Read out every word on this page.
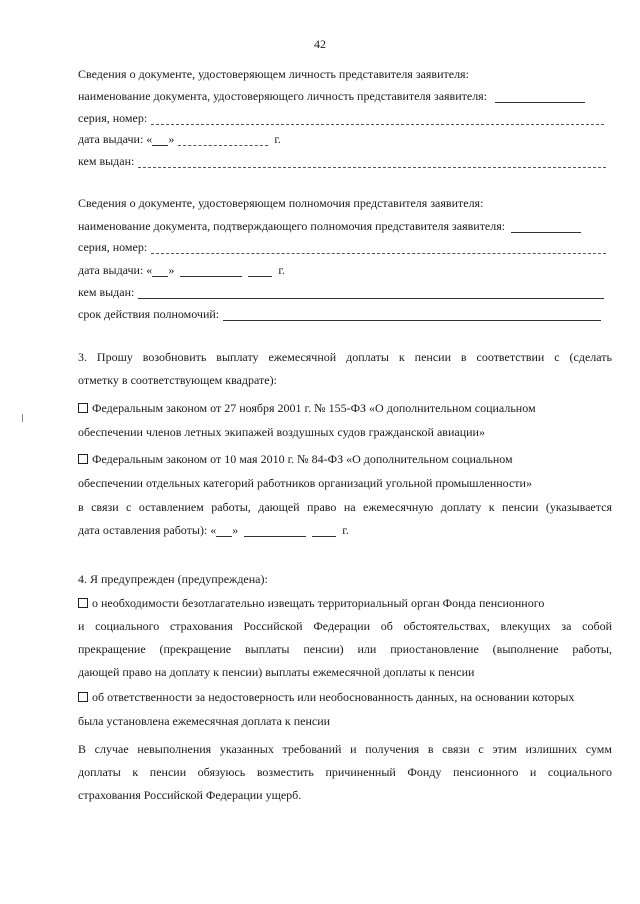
42
Сведения о документе, удостоверяющем личность представителя заявителя:
наименование документа, удостоверяющего личность представителя заявителя:
серия, номер:
дата выдачи: « »	г.
кем выдан:
Сведения о документе, удостоверяющем полномочия представителя заявителя:
наименование документа, подтверждающего полномочия представителя заявителя:
серия, номер:
дата выдачи: « »	г.
кем выдан:
срок действия полномочий:
3. Прошу возобновить выплату ежемесячной доплаты к пенсии в соответствии с (сделать
отметку в соответствующем квадрате):
Федеральным законом от 27 ноября 2001 г. № 155-ФЗ «О дополнительном социальном
обеспечении членов летных экипажей воздушных судов гражданской авиации»
Федеральным законом от 10 мая 2010 г. № 84-ФЗ «О дополнительном социальном
обеспечении отдельных категорий работников организаций угольной промышленности»
в связи с оставлением работы, дающей право на ежемесячную доплату к пенсии (указывается
дата оставления работы): « »	г.
4. Я предупрежден (предупреждена):
о необходимости безотлагательно извещать территориальный орган Фонда пенсионного
и социального страхования Российской Федерации об обстоятельствах, влекущих за собой
прекращение (прекращение выплаты пенсии) или приостановление (выполнение работы,
дающей право на доплату к пенсии) выплаты ежемесячной доплаты к пенсии
об ответственности за недостоверность или необоснованность данных, на основании которых
была установлена ежемесячная доплата к пенсии
В случае невыполнения указанных требований и получения в связи с этим излишних сумм
доплаты к пенсии обязуюсь возместить причиненный Фонду пенсионного и социального
страхования Российской Федерации ущерб.
